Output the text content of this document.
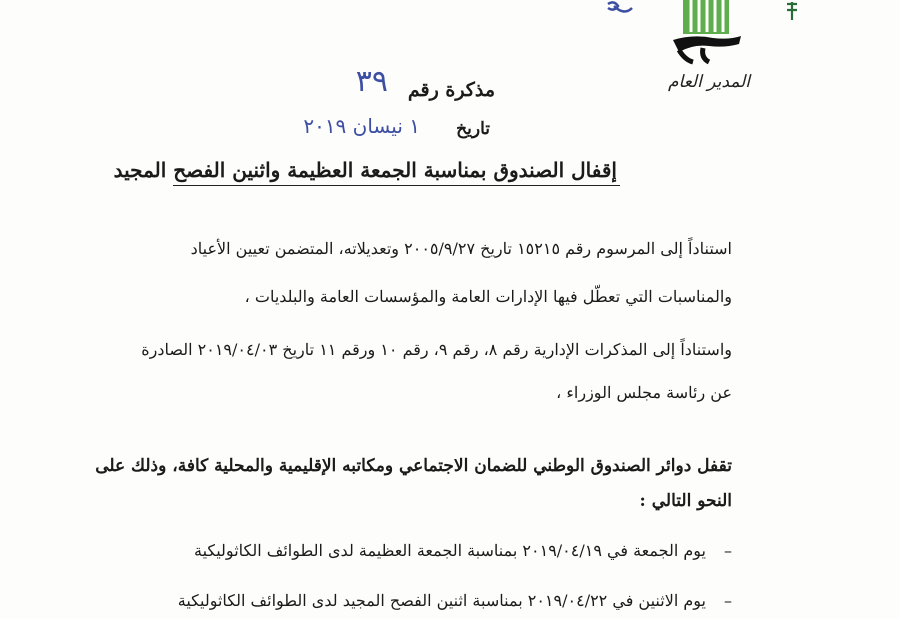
المدير العام
مذكرة رقم
٣٩
تاريخ
١ نيسان ٢٠١٩
إقفال الصندوق بمناسبة الجمعة العظيمة واثنين الفصح المجيد
استناداً إلى المرسوم رقم ١٥٢١٥ تاريخ ٢٠٠٥/٩/٢٧ وتعديلاته، المتضمن تعيين الأعياد
والمناسبات التي تعطّل فيها الإدارات العامة والمؤسسات العامة والبلديات ،
واستناداً إلى المذكرات الإدارية رقم ٨، رقم ٩، رقم ١٠ ورقم ١١ تاريخ ٢٠١٩/٠٤/٠٣ الصادرة
عن رئاسة مجلس الوزراء ،
تقفل دوائر الصندوق الوطني للضمان الاجتماعي ومكاتبه الإقليمية والمحلية كافة، وذلك على
النحو التالي :
–يوم الجمعة في ٢٠١٩/٠٤/١٩ بمناسبة الجمعة العظيمة لدى الطوائف الكاثوليكية
–يوم الاثنين في ٢٠١٩/٠٤/٢٢ بمناسبة اثنين الفصح المجيد لدى الطوائف الكاثوليكية
